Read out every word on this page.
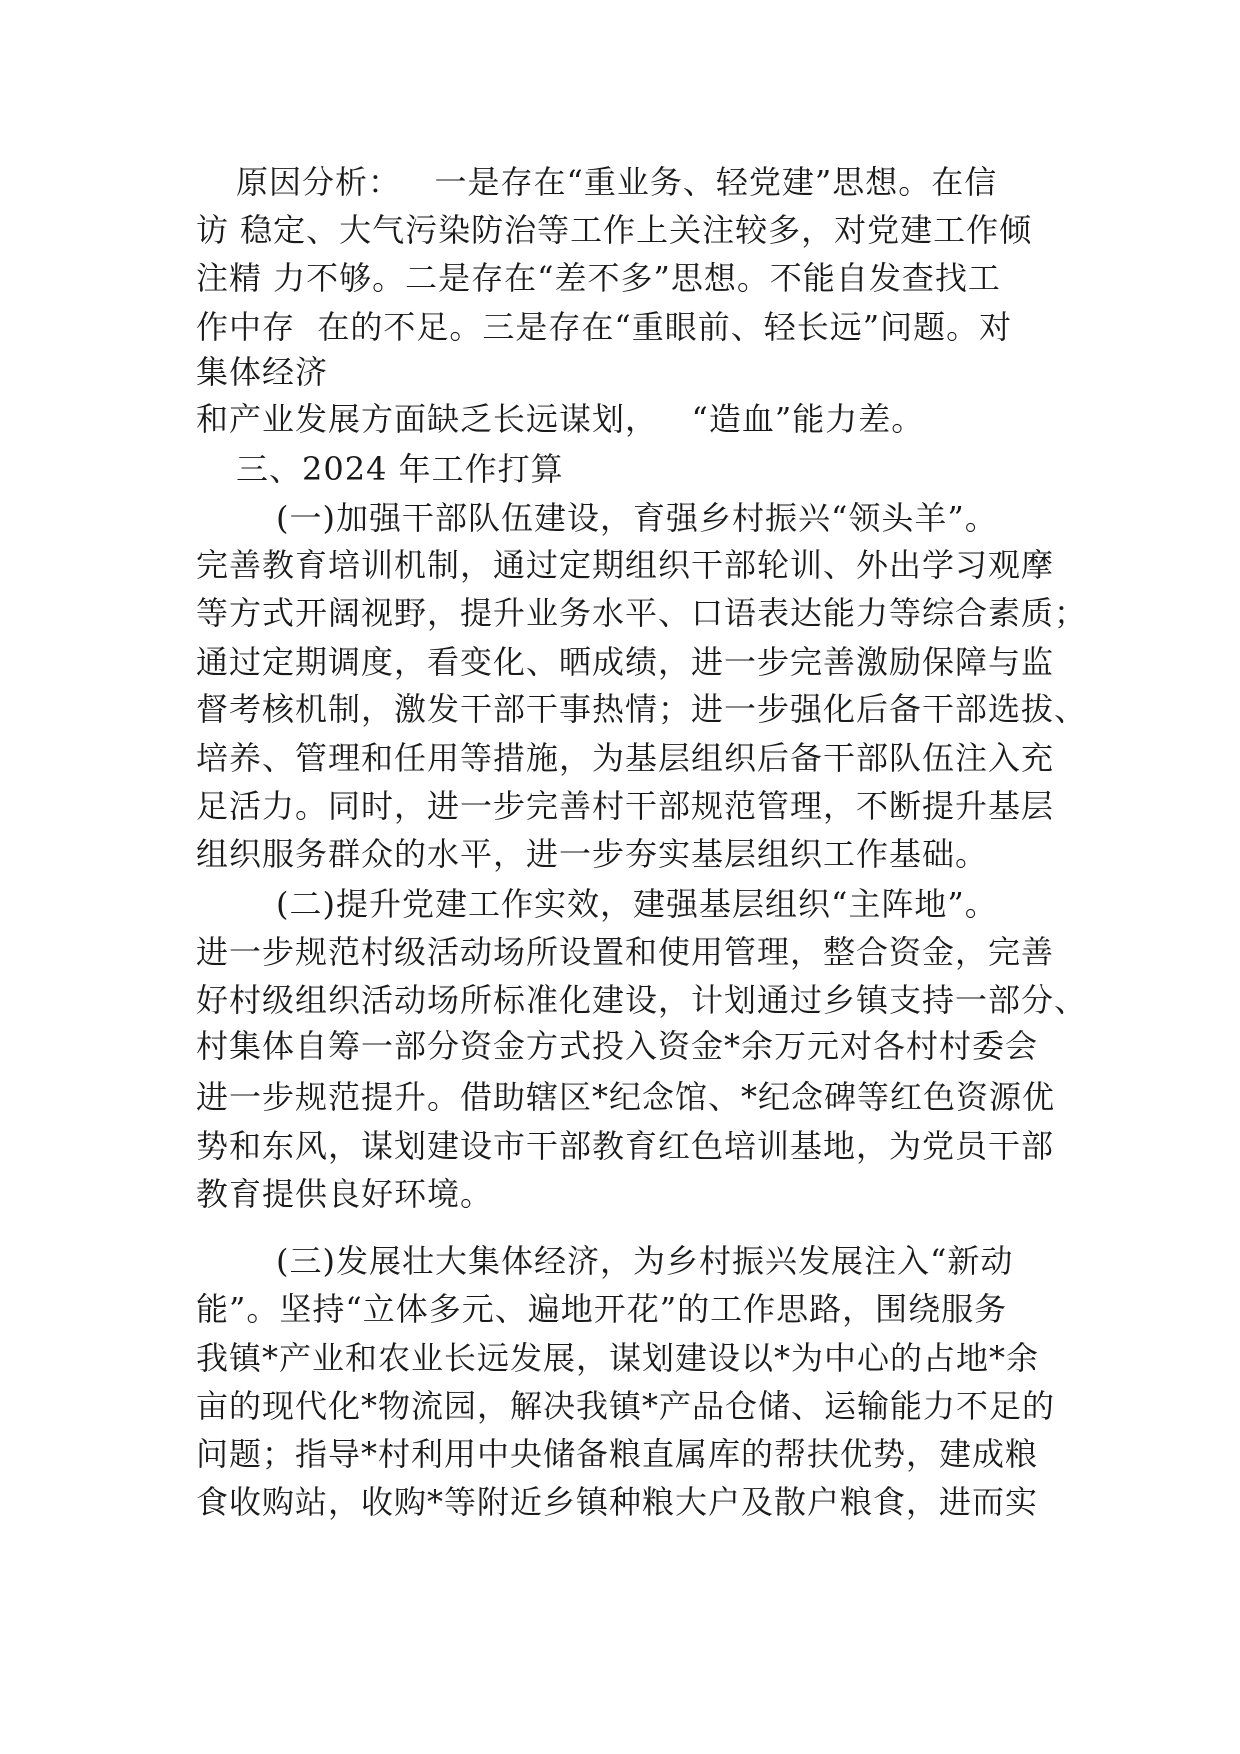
原因分析：   一是存在“重业务、轻党建”思想。在信
访 稳定、大气污染防治等工作上关注较多，对党建工作倾
注精 力不够。二是存在“差不多”思想。不能自发查找工
作中存  在的不足。三是存在“重眼前、轻长远”问题。对
集体经济
和产业发展方面缺乏长远谋划，   “造血”能力差。
三、2024 年工作打算
(一)加强干部队伍建设，育强乡村振兴“领头羊”。
完善教育培训机制，通过定期组织干部轮训、外出学习观摩
等方式开阔视野，提升业务水平、口语表达能力等综合素质；
通过定期调度，看变化、晒成绩，进一步完善激励保障与监
督考核机制，激发干部干事热情；进一步强化后备干部选拔、
培养、管理和任用等措施，为基层组织后备干部队伍注入充
足活力。同时，进一步完善村干部规范管理，不断提升基层
组织服务群众的水平，进一步夯实基层组织工作基础。
(二)提升党建工作实效，建强基层组织“主阵地”。
进一步规范村级活动场所设置和使用管理，整合资金，完善
好村级组织活动场所标准化建设，计划通过乡镇支持一部分、
村集体自筹一部分资金方式投入资金*余万元对各村村委会
进一步规范提升。借助辖区*纪念馆、*纪念碑等红色资源优
势和东风，谋划建设市干部教育红色培训基地，为党员干部
教育提供良好环境。
(三)发展壮大集体经济，为乡村振兴发展注入“新动
能”。坚持“立体多元、遍地开花”的工作思路，围绕服务
我镇*产业和农业长远发展，谋划建设以*为中心的占地*余
亩的现代化*物流园，解决我镇*产品仓储、运输能力不足的
问题；指导*村利用中央储备粮直属库的帮扶优势，建成粮
食收购站，收购*等附近乡镇种粮大户及散户粮食，进而实
